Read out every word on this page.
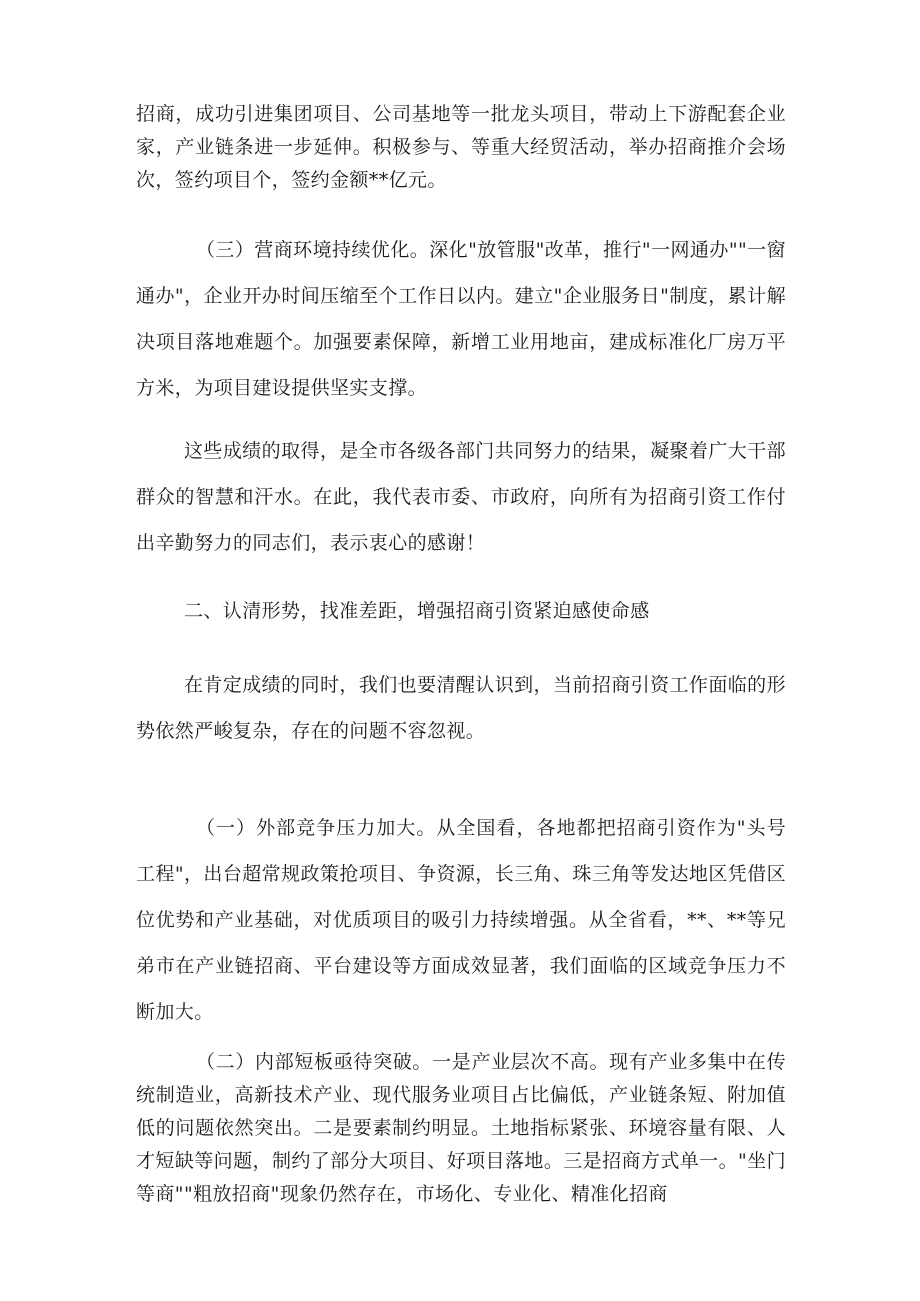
招商，成功引进集团项目、公司基地等一批龙头项目，带动上下游配套企业家，产业链条进一步延伸。积极参与、等重大经贸活动，举办招商推介会场次，签约项目个，签约金额**亿元。

（三）营商环境持续优化。深化"放管服"改革，推行"一网通办""一窗通办"，企业开办时间压缩至个工作日以内。建立"企业服务日"制度，累计解决项目落地难题个。加强要素保障，新增工业用地亩，建成标准化厂房万平方米，为项目建设提供坚实支撑。

这些成绩的取得，是全市各级各部门共同努力的结果，凝聚着广大干部群众的智慧和汗水。在此，我代表市委、市政府，向所有为招商引资工作付出辛勤努力的同志们，表示衷心的感谢！

二、认清形势，找准差距，增强招商引资紧迫感使命感

在肯定成绩的同时，我们也要清醒认识到，当前招商引资工作面临的形势依然严峻复杂，存在的问题不容忽视。

（一）外部竞争压力加大。从全国看，各地都把招商引资作为"头号工程"，出台超常规政策抢项目、争资源，长三角、珠三角等发达地区凭借区位优势和产业基础，对优质项目的吸引力持续增强。从全省看，**、**等兄弟市在产业链招商、平台建设等方面成效显著，我们面临的区域竞争压力不断加大。

（二）内部短板亟待突破。一是产业层次不高。现有产业多集中在传统制造业，高新技术产业、现代服务业项目占比偏低，产业链条短、附加值低的问题依然突出。二是要素制约明显。土地指标紧张、环境容量有限、人才短缺等问题，制约了部分大项目、好项目落地。三是招商方式单一。"坐门等商""粗放招商"现象仍然存在，市场化、专业化、精准化招商
